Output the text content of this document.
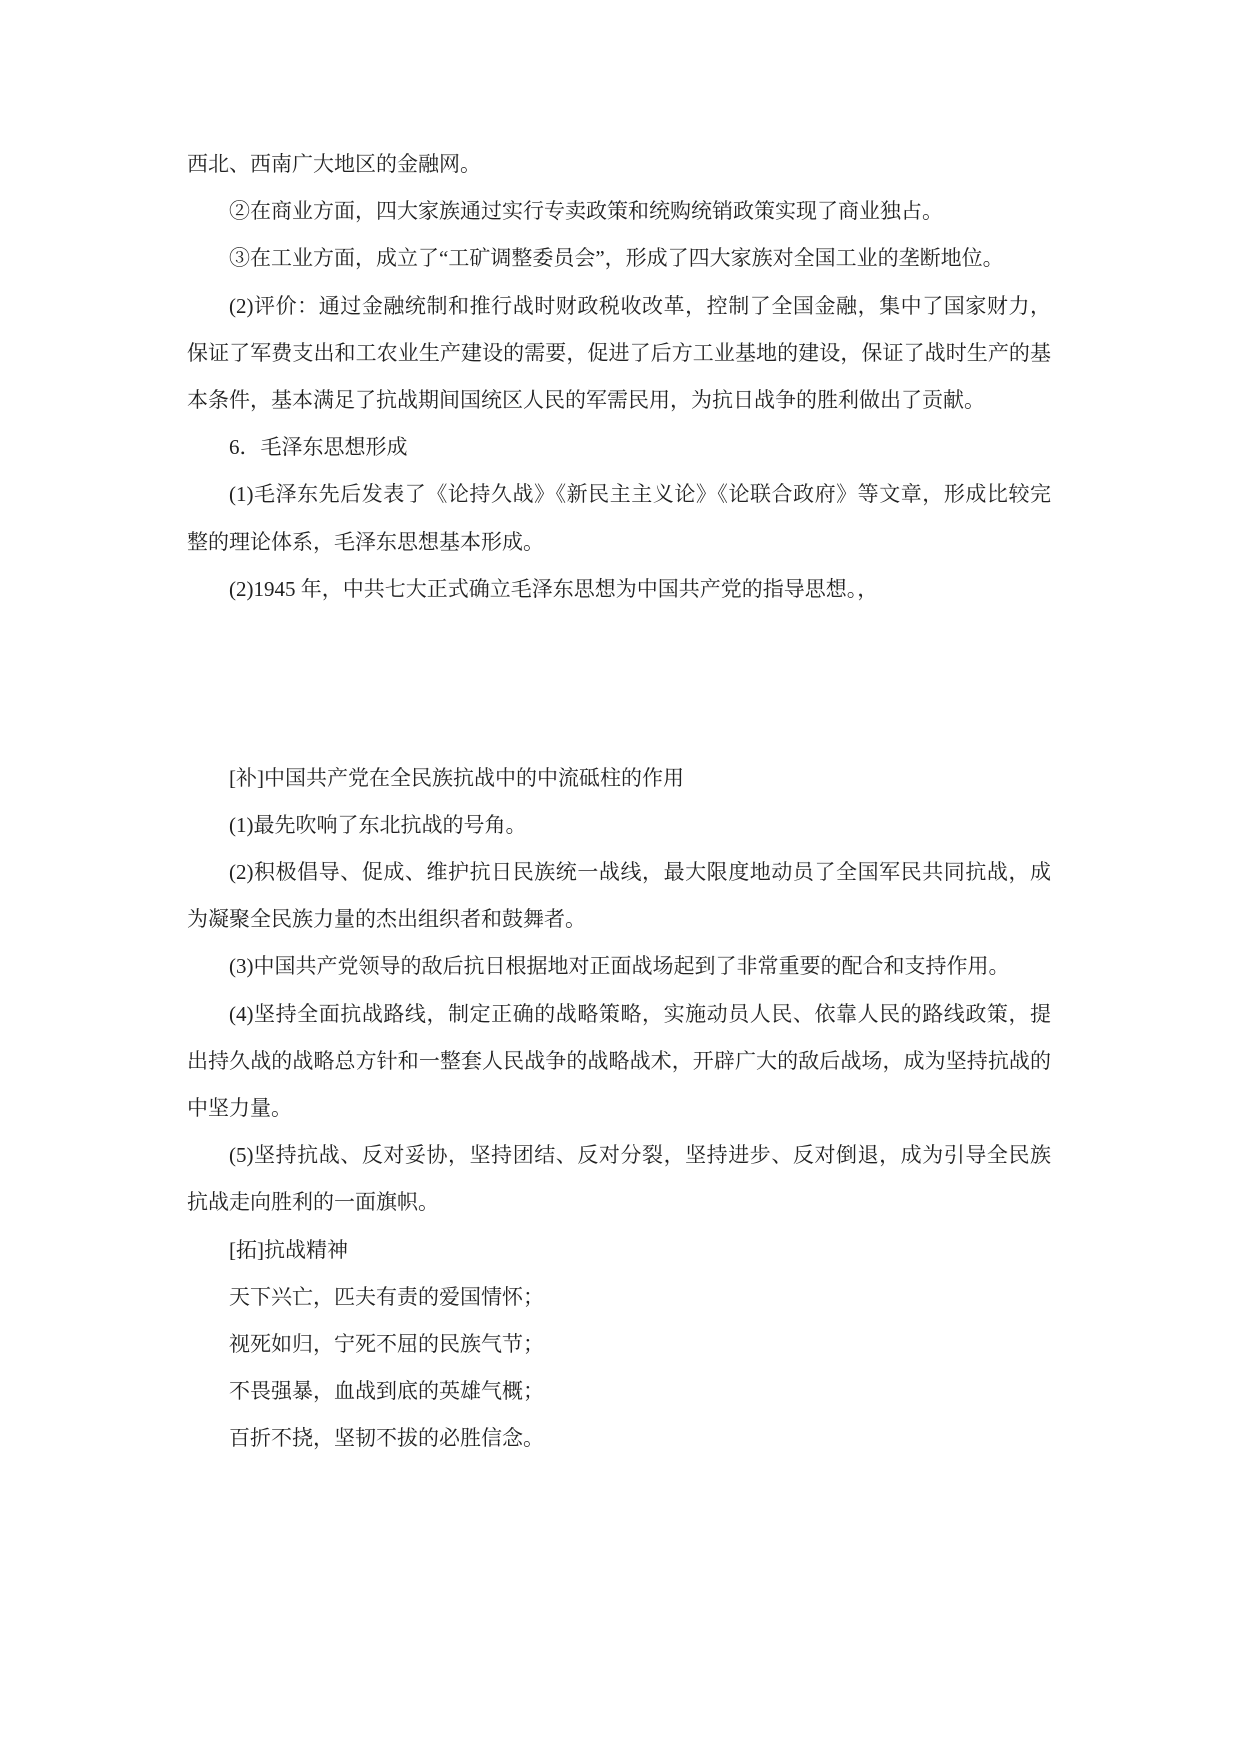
西北、西南广大地区的金融网。

②在商业方面，四大家族通过实行专卖政策和统购统销政策实现了商业独占。

③在工业方面，成立了“工矿调整委员会”，形成了四大家族对全国工业的垄断地位。

(2)评价：通过金融统制和推行战时财政税收改革，控制了全国金融，集中了国家财力，保证了军费支出和工农业生产建设的需要，促进了后方工业基地的建设，保证了战时生产的基本条件，基本满足了抗战期间国统区人民的军需民用，为抗日战争的胜利做出了贡献。

6．毛泽东思想形成

(1)毛泽东先后发表了《论持久战》《新民主主义论》《论联合政府》等文章，形成比较完整的理论体系，毛泽东思想基本形成。

(2)1945 年，中共七大正式确立毛泽东思想为中国共产党的指导思想。，

[补]中国共产党在全民族抗战中的中流砥柱的作用

(1)最先吹响了东北抗战的号角。

(2)积极倡导、促成、维护抗日民族统一战线，最大限度地动员了全国军民共同抗战，成为凝聚全民族力量的杰出组织者和鼓舞者。

(3)中国共产党领导的敌后抗日根据地对正面战场起到了非常重要的配合和支持作用。

(4)坚持全面抗战路线，制定正确的战略策略，实施动员人民、依靠人民的路线政策，提出持久战的战略总方针和一整套人民战争的战略战术，开辟广大的敌后战场，成为坚持抗战的中坚力量。

(5)坚持抗战、反对妥协，坚持团结、反对分裂，坚持进步、反对倒退，成为引导全民族抗战走向胜利的一面旗帜。

[拓]抗战精神

天下兴亡，匹夫有责的爱国情怀；

视死如归，宁死不屈的民族气节；

不畏强暴，血战到底的英雄气概；

百折不挠，坚韧不拔的必胜信念。
